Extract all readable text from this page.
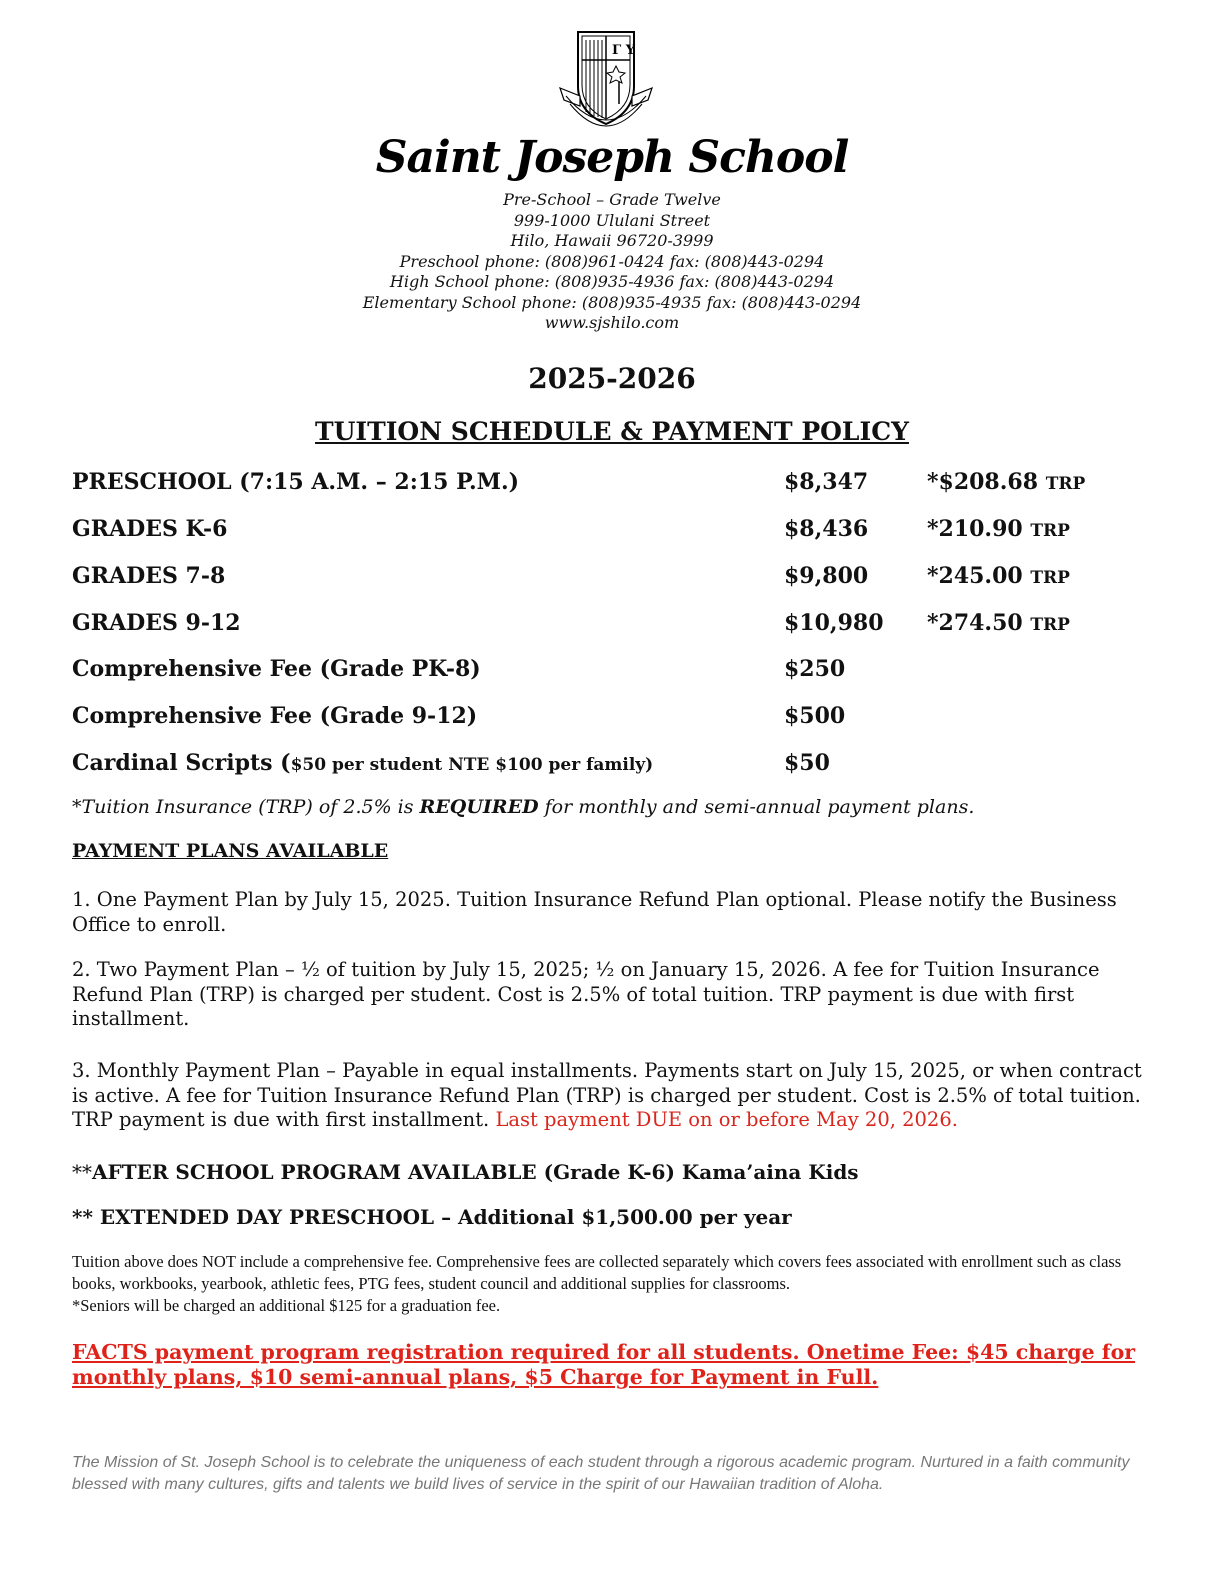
Γ Y
Saint Joseph School
Pre-School – Grade Twelve
999-1000 Ululani Street
Hilo, Hawaii 96720-3999
Preschool phone: (808)961-0424 fax: (808)443-0294
High School phone: (808)935-4936 fax: (808)443-0294
Elementary School phone: (808)935-4935 fax: (808)443-0294
www.sjshilo.com
2025-2026
TUITION SCHEDULE & PAYMENT POLICY
PRESCHOOL (7:15 A.M. – 2:15 P.M.)	$8,347	*$208.68 TRP
GRADES K-6	$8,436	*210.90 TRP
GRADES 7-8	$9,800	*245.00 TRP
GRADES 9-12	$10,980 *274.50 TRP
Comprehensive Fee (Grade PK-8)	$250
Comprehensive Fee (Grade 9-12)	$500
Cardinal Scripts ($50 per student NTE $100 per family)	$50
*Tuition Insurance (TRP) of 2.5% is REQUIRED for monthly and semi-annual payment plans.
PAYMENT PLANS AVAILABLE
1. One Payment Plan by July 15, 2025. Tuition Insurance Refund Plan optional. Please notify the Business Office to enroll.
2. Two Payment Plan – ½ of tuition by July 15, 2025; ½ on January 15, 2026. A fee for Tuition Insurance Refund Plan (TRP) is charged per student. Cost is 2.5% of total tuition. TRP payment is due with first installment.
3. Monthly Payment Plan – Payable in equal installments. Payments start on July 15, 2025, or when contract is active. A fee for Tuition Insurance Refund Plan (TRP) is charged per student. Cost is 2.5% of total tuition. TRP payment is due with first installment. Last payment DUE on or before May 20, 2026.
**AFTER SCHOOL PROGRAM AVAILABLE (Grade K-6) Kama’aina Kids
** EXTENDED DAY PRESCHOOL – Additional $1,500.00 per year
Tuition above does NOT include a comprehensive fee. Comprehensive fees are collected separately which covers fees associated with enrollment such as class books, workbooks, yearbook, athletic fees, PTG fees, student council and additional supplies for classrooms.
*Seniors will be charged an additional $125 for a graduation fee.
FACTS payment program registration required for all students. Onetime Fee: $45 charge for monthly plans, $10 semi-annual plans, $5 Charge for Payment in Full.
The Mission of St. Joseph School is to celebrate the uniqueness of each student through a rigorous academic program. Nurtured in a faith community blessed with many cultures, gifts and talents we build lives of service in the spirit of our Hawaiian tradition of Aloha.
